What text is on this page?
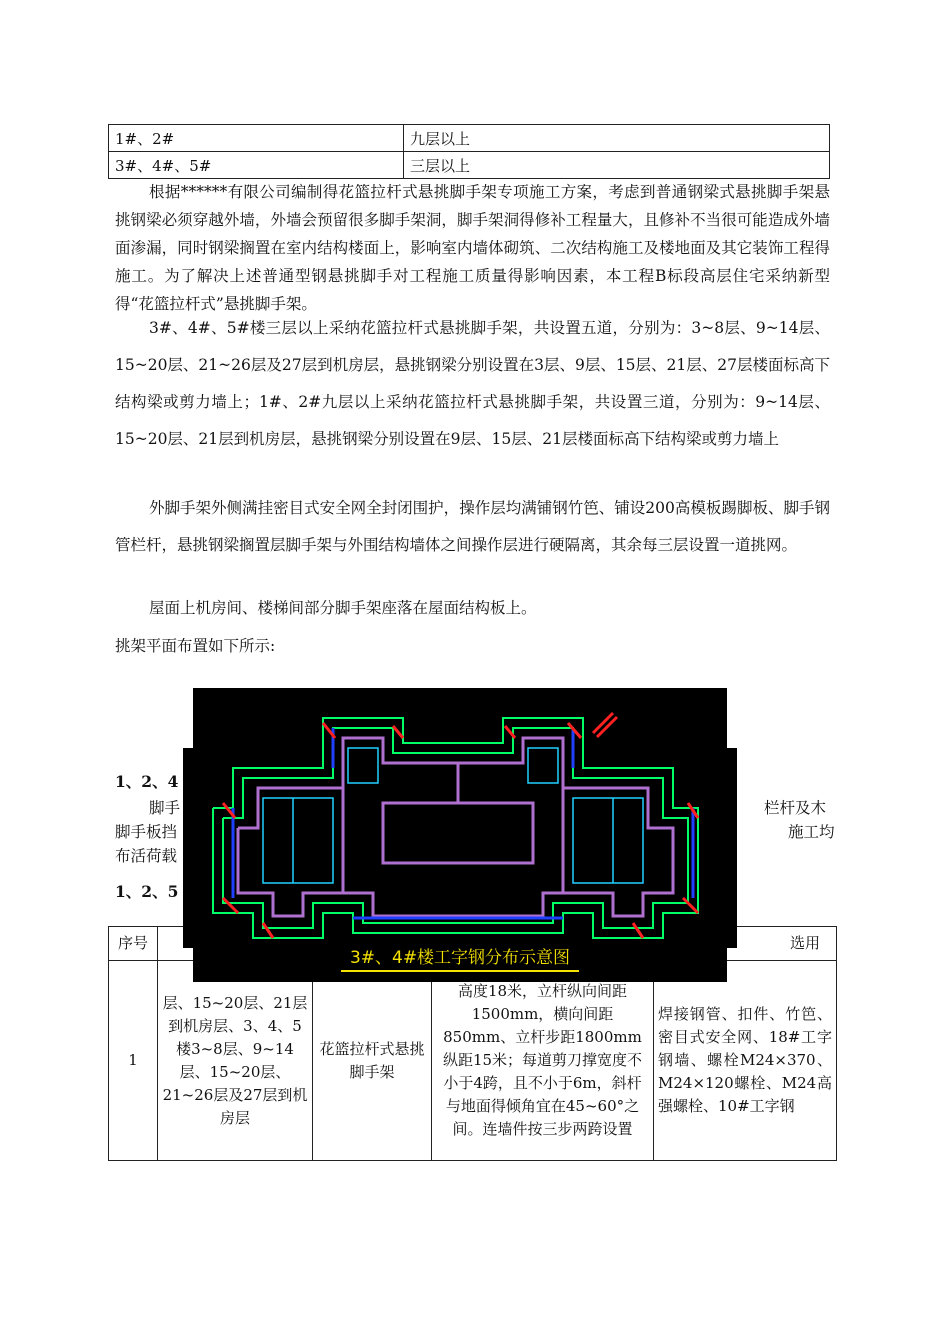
1#、2#	九层以上
3#、4#、5#	三层以上

根据******有限公司编制得花篮拉杆式悬挑脚手架专项施工方案，考虑到普通钢梁式悬挑脚手架悬挑钢梁必须穿越外墙，外墙会预留很多脚手架洞，脚手架洞得修补工程量大，且修补不当很可能造成外墙面渗漏，同时钢梁搁置在室内结构楼面上，影响室内墙体砌筑、二次结构施工及楼地面及其它装饰工程得施工。为了解决上述普通型钢悬挑脚手对工程施工质量得影响因素，本工程B标段高层住宅采纳新型得“花篮拉杆式”悬挑脚手架。

3#、4#、5#楼三层以上采纳花篮拉杆式悬挑脚手架，共设置五道，分别为：3~8层、9~14层、15~20层、21~26层及27层到机房层，悬挑钢梁分别设置在3层、9层、15层、21层、27层楼面标高下结构梁或剪力墙上；1#、2#九层以上采纳花篮拉杆式悬挑脚手架，共设置三道，分别为：9~14层、15~20层、21层到机房层，悬挑钢梁分别设置在9层、15层、21层楼面标高下结构梁或剪力墙上

外脚手架外侧满挂密目式安全网全封闭围护，操作层均满铺钢竹笆、铺设200高模板踢脚板、脚手钢管栏杆，悬挑钢梁搁置层脚手架与外围结构墙体之间操作层进行硬隔离，其余每三层设置一道挑网。

屋面上机房间、楼梯间部分脚手架座落在屋面结构板上。

挑架平面布置如下所示:

1、2、4
脚手
脚手板挡
布活荷载
栏杆及木
施工均
1、2、5
序号				选用
1	层、15~20层、21层到机房层、3、4、5楼3~8层、9~14层、15~20层、21~26层及27层到机房层	花篮拉杆式悬挑脚手架	高度18米，立杆纵向间距1500mm，横向间距850mm、立杆步距1800mm纵距15米；每道剪刀撑宽度不小于4跨，且不小于6m，斜杆与地面得倾角宜在45~60°之间。连墙件按三步两跨设置	焊接钢管、扣件、竹笆、密目式安全网、18#工字钢墙、螺栓M24×370、M24×120螺栓、M24高强螺栓、10#工字钢
3#、4#楼工字钢分布示意图
